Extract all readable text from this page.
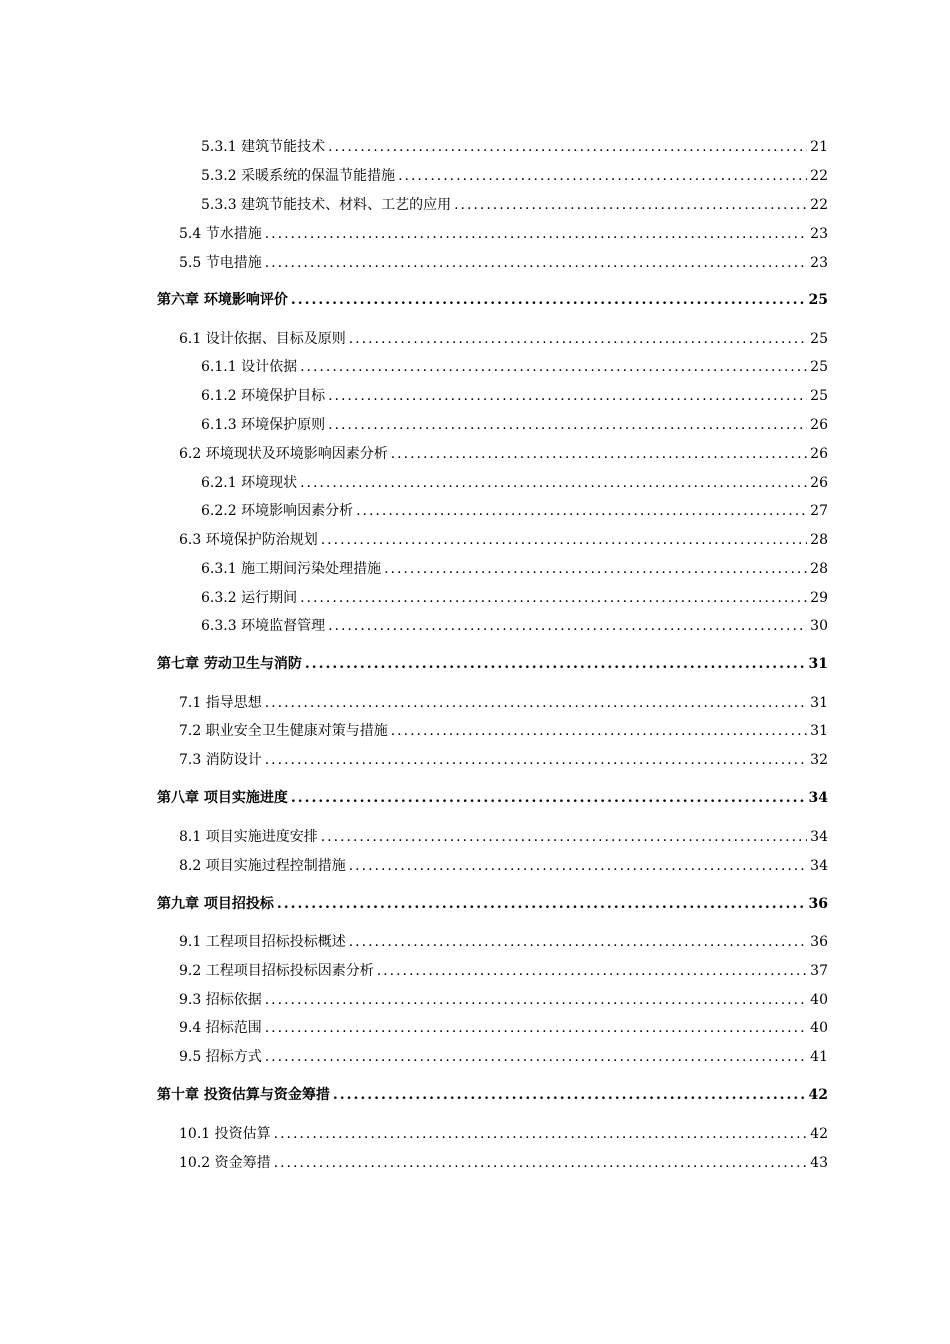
5.3.1 建筑节能技术 .....	21
5.3.2 采暖系统的保温节能措施 .....	22
5.3.3 建筑节能技术、材料、工艺的应用 .....	22
5.4 节水措施 .....	23
5.5 节电措施 .....	23
第六章 环境影响评价 .....	25
6.1 设计依据、目标及原则 .....	25
6.1.1 设计依据 .....	25
6.1.2 环境保护目标 .....	25
6.1.3 环境保护原则 .....	26
6.2 环境现状及环境影响因素分析 .....	26
6.2.1 环境现状 .....	26
6.2.2 环境影响因素分析 .....	27
6.3 环境保护防治规划 .....	28
6.3.1 施工期间污染处理措施 .....	28
6.3.2 运行期间 .....	29
6.3.3 环境监督管理 .....	30
第七章 劳动卫生与消防 .....	31
7.1 指导思想 .....	31
7.2 职业安全卫生健康对策与措施 .....	31
7.3 消防设计 .....	32
第八章 项目实施进度 .....	34
8.1 项目实施进度安排 .....	34
8.2 项目实施过程控制措施 .....	34
第九章 项目招投标 .....	36
9.1 工程项目招标投标概述 .....	36
9.2 工程项目招标投标因素分析 .....	37
9.3 招标依据 .....	40
9.4 招标范围 .....	40
9.5 招标方式 .....	41
第十章 投资估算与资金筹措 .....	42
10.1 投资估算 .....	42
10.2 资金筹措 .....	43
